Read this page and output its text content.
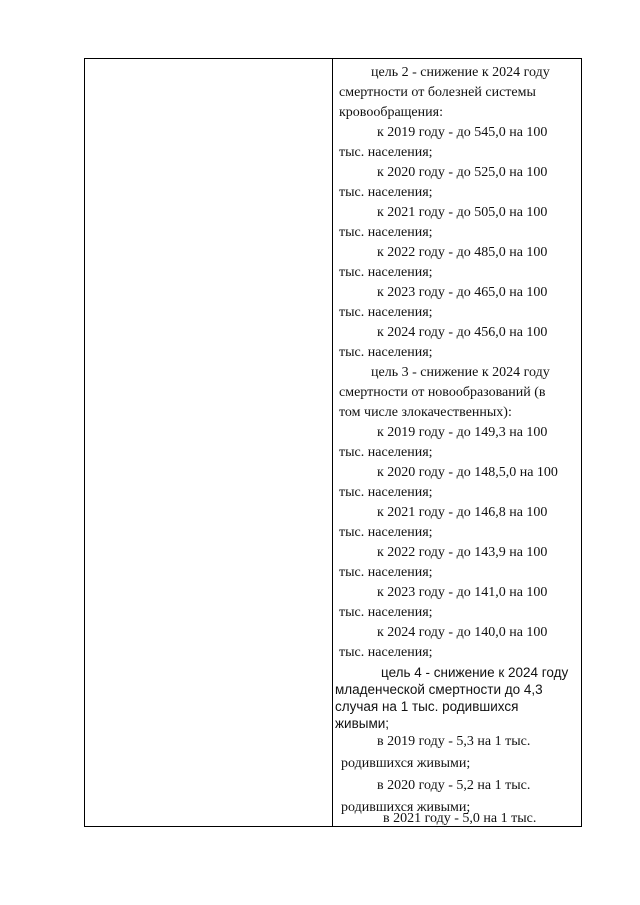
цель 2 - снижение к 2024 году
смертности от болезней системы
кровообращения:
к 2019 году - до 545,0 на 100
тыс. населения;
к 2020 году - до 525,0 на 100
тыс. населения;
к 2021 году - до 505,0 на 100
тыс. населения;
к 2022 году - до 485,0 на 100
тыс. населения;
к 2023 году - до 465,0 на 100
тыс. населения;
к 2024 году - до 456,0 на 100
тыс. населения;
цель 3 - снижение к 2024 году
смертности от новообразований (в
том числе злокачественных):
к 2019 году - до 149,3 на 100
тыс. населения;
к 2020 году - до 148,5,0 на 100
тыс. населения;
к 2021 году - до 146,8 на 100
тыс. населения;
к 2022 году - до 143,9 на 100
тыс. населения;
к 2023 году - до 141,0 на 100
тыс. населения;
к 2024 году - до 140,0 на 100
тыс. населения;
цель 4 - снижение к 2024 году
младенческой смертности до 4,3
случая на 1 тыс. родившихся
живыми;
в 2019 году - 5,3 на 1 тыс.
родившихся живыми;
в 2020 году - 5,2 на 1 тыс.
родившихся живыми;
в 2021 году - 5,0 на 1 тыс.
